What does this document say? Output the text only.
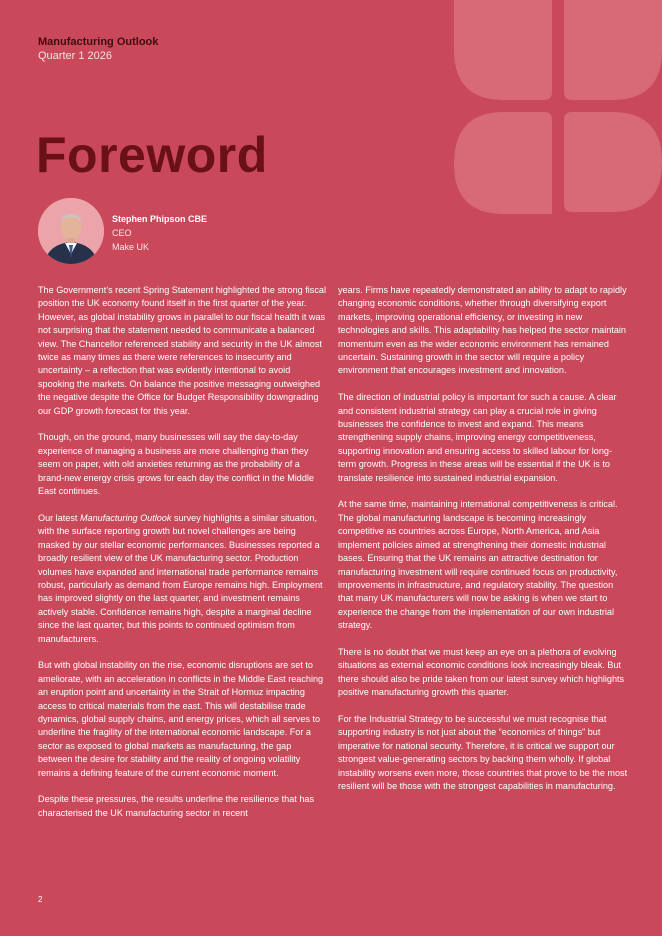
Manufacturing Outlook
Quarter 1 2026
Foreword
Stephen Phipson CBE
CEO
Make UK

The Government’s recent Spring Statement highlighted the strong fiscal position the UK economy found itself in the first quarter of the year. However, as global instability grows in parallel to our fiscal health it was not surprising that the statement needed to communicate a balanced view. The Chancellor referenced stability and security in the UK almost twice as many times as there were references to insecurity and uncertainty – a reflection that was evidently intentional to avoid spooking the markets. On balance the positive messaging outweighed the negative despite the Office for Budget Responsibility downgrading our GDP growth forecast for this year.

Though, on the ground, many businesses will say the day-to-day experience of managing a business are more challenging than they seem on paper, with old anxieties returning as the probability of a brand-new energy crisis grows for each day the conflict in the Middle East continues.

Our latest Manufacturing Outlook survey highlights a similar situation, with the surface reporting growth but novel challenges are being masked by our stellar economic performances. Businesses reported a broadly resilient view of the UK manufacturing sector. Production volumes have expanded and international trade performance remains robust, particularly as demand from Europe remains high. Employment has improved slightly on the last quarter, and investment remains actively stable. Confidence remains high, despite a marginal decline since the last quarter, but this points to continued optimism from manufacturers.

But with global instability on the rise, economic disruptions are set to ameliorate, with an acceleration in conflicts in the Middle East reaching an eruption point and uncertainty in the Strait of Hormuz impacting access to critical materials from the east. This will destabilise trade dynamics, global supply chains, and energy prices, which all serves to underline the fragility of the international economic landscape. For a sector as exposed to global markets as manufacturing, the gap between the desire for stability and the reality of ongoing volatility remains a defining feature of the current economic moment.

Despite these pressures, the results underline the resilience that has characterised the UK manufacturing sector in recent

years. Firms have repeatedly demonstrated an ability to adapt to rapidly changing economic conditions, whether through diversifying export markets, improving operational efficiency, or investing in new technologies and skills. This adaptability has helped the sector maintain momentum even as the wider economic environment has remained uncertain. Sustaining growth in the sector will require a policy environment that encourages investment and innovation.

The direction of industrial policy is important for such a cause. A clear and consistent industrial strategy can play a crucial role in giving businesses the confidence to invest and expand. This means strengthening supply chains, improving energy competitiveness, supporting innovation and ensuring access to skilled labour for long-term growth. Progress in these areas will be essential if the UK is to translate resilience into sustained industrial expansion.

At the same time, maintaining international competitiveness is critical. The global manufacturing landscape is becoming increasingly competitive as countries across Europe, North America, and Asia implement policies aimed at strengthening their domestic industrial bases. Ensuring that the UK remains an attractive destination for manufacturing investment will require continued focus on productivity, improvements in infrastructure, and regulatory stability. The question that many UK manufacturers will now be asking is when we start to experience the change from the implementation of our own industrial strategy.

There is no doubt that we must keep an eye on a plethora of evolving situations as external economic conditions look increasingly bleak. But there should also be pride taken from our latest survey which highlights positive manufacturing growth this quarter.

For the Industrial Strategy to be successful we must recognise that supporting industry is not just about the “economics of things” but imperative for national security. Therefore, it is critical we support our strongest value-generating sectors by backing them wholly. If global instability worsens even more, those countries that prove to be the most resilient will be those with the strongest capabilities in manufacturing.

2
